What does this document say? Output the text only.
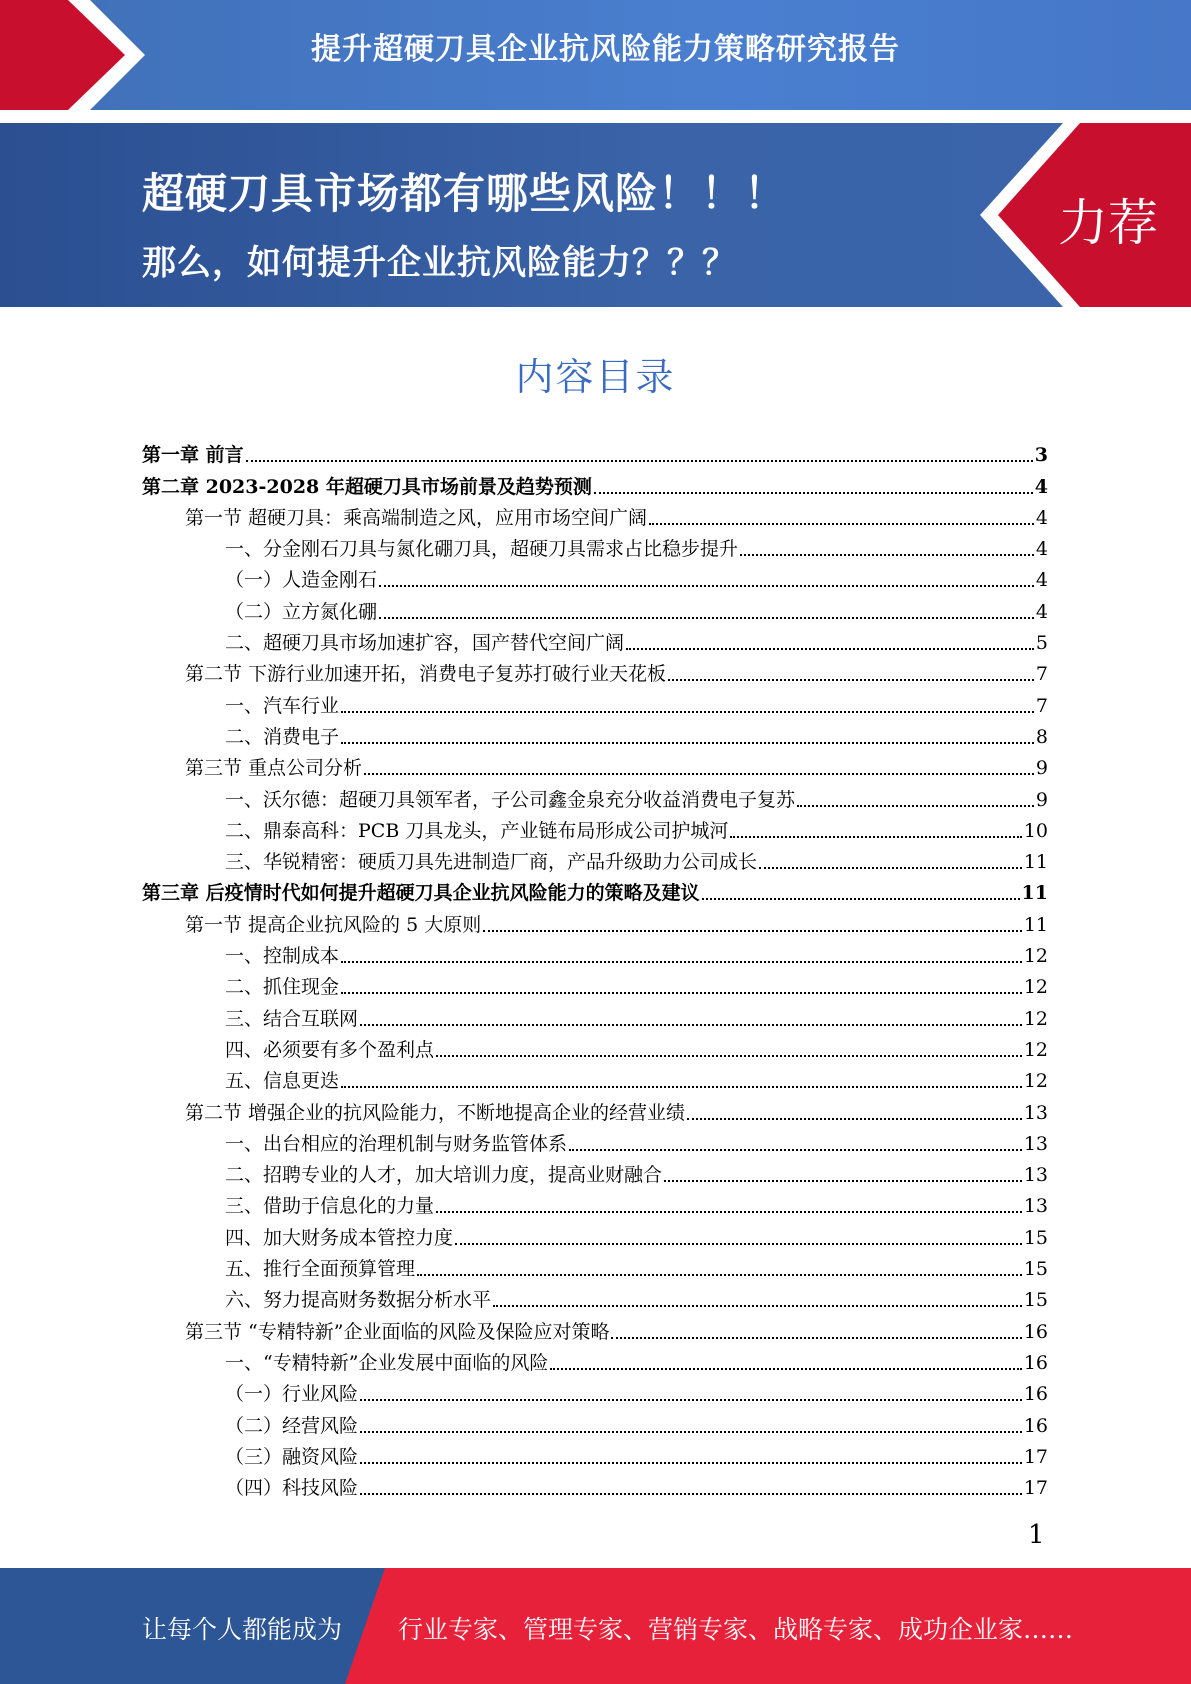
提升超硬刀具企业抗风险能力策略研究报告
超硬刀具市场都有哪些风险！！！
那么，如何提升企业抗风险能力？？？
力荐
内容目录
第一章 前言	3
第二章 2023-2028 年超硬刀具市场前景及趋势预测	4
第一节 超硬刀具：乘高端制造之风，应用市场空间广阔	4
一、分金刚石刀具与氮化硼刀具，超硬刀具需求占比稳步提升	4
（一）人造金刚石	4
（二）立方氮化硼	4
二、超硬刀具市场加速扩容，国产替代空间广阔	5
第二节 下游行业加速开拓，消费电子复苏打破行业天花板	7
一、汽车行业	7
二、消费电子	8
第三节 重点公司分析	9
一、沃尔德：超硬刀具领军者，子公司鑫金泉充分收益消费电子复苏	9
二、鼎泰高科：PCB 刀具龙头，产业链布局形成公司护城河	10
三、华锐精密：硬质刀具先进制造厂商，产品升级助力公司成长	11
第三章 后疫情时代如何提升超硬刀具企业抗风险能力的策略及建议	11
第一节 提高企业抗风险的 5 大原则	11
一、控制成本	12
二、抓住现金	12
三、结合互联网	12
四、必须要有多个盈利点	12
五、信息更迭	12
第二节 增强企业的抗风险能力，不断地提高企业的经营业绩	13
一、出台相应的治理机制与财务监管体系	13
二、招聘专业的人才，加大培训力度，提高业财融合	13
三、借助于信息化的力量	13
四、加大财务成本管控力度	15
五、推行全面预算管理	15
六、努力提高财务数据分析水平	15
第三节 “专精特新”企业面临的风险及保险应对策略	16
一、“专精特新”企业发展中面临的风险	16
（一）行业风险	16
（二）经营风险	16
（三）融资风险	17
（四）科技风险	17
1
让每个人都能成为 行业专家、管理专家、营销专家、战略专家、成功企业家……
